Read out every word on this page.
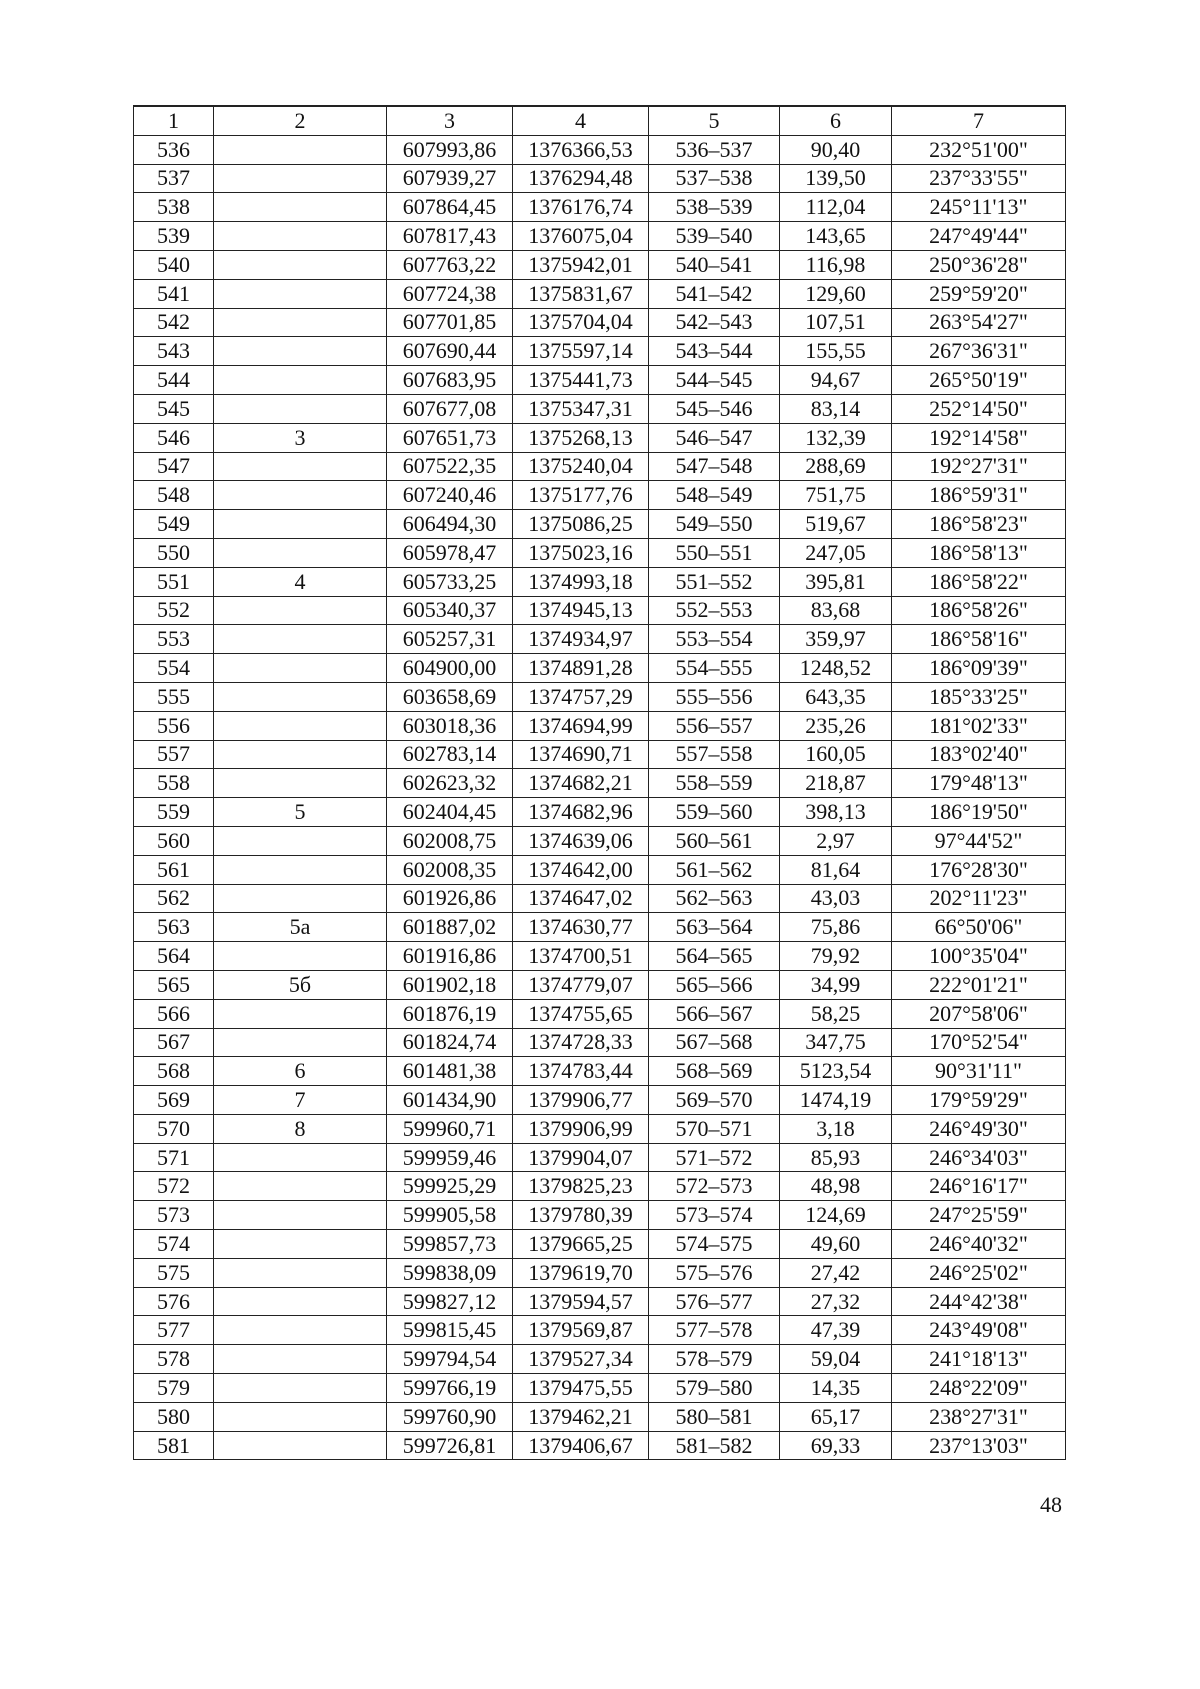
1	2	3	4	5	6	7
536		607993,86	1376366,53	536–537	90,40	232°51'00"
537		607939,27	1376294,48	537–538	139,50	237°33'55"
538		607864,45	1376176,74	538–539	112,04	245°11'13"
539		607817,43	1376075,04	539–540	143,65	247°49'44"
540		607763,22	1375942,01	540–541	116,98	250°36'28"
541		607724,38	1375831,67	541–542	129,60	259°59'20"
542		607701,85	1375704,04	542–543	107,51	263°54'27"
543		607690,44	1375597,14	543–544	155,55	267°36'31"
544		607683,95	1375441,73	544–545	94,67	265°50'19"
545		607677,08	1375347,31	545–546	83,14	252°14'50"
546	3	607651,73	1375268,13	546–547	132,39	192°14'58"
547		607522,35	1375240,04	547–548	288,69	192°27'31"
548		607240,46	1375177,76	548–549	751,75	186°59'31"
549		606494,30	1375086,25	549–550	519,67	186°58'23"
550		605978,47	1375023,16	550–551	247,05	186°58'13"
551	4	605733,25	1374993,18	551–552	395,81	186°58'22"
552		605340,37	1374945,13	552–553	83,68	186°58'26"
553		605257,31	1374934,97	553–554	359,97	186°58'16"
554		604900,00	1374891,28	554–555	1248,52	186°09'39"
555		603658,69	1374757,29	555–556	643,35	185°33'25"
556		603018,36	1374694,99	556–557	235,26	181°02'33"
557		602783,14	1374690,71	557–558	160,05	183°02'40"
558		602623,32	1374682,21	558–559	218,87	179°48'13"
559	5	602404,45	1374682,96	559–560	398,13	186°19'50"
560		602008,75	1374639,06	560–561	2,97	97°44'52"
561		602008,35	1374642,00	561–562	81,64	176°28'30"
562		601926,86	1374647,02	562–563	43,03	202°11'23"
563	5а	601887,02	1374630,77	563–564	75,86	66°50'06"
564		601916,86	1374700,51	564–565	79,92	100°35'04"
565	5б	601902,18	1374779,07	565–566	34,99	222°01'21"
566		601876,19	1374755,65	566–567	58,25	207°58'06"
567		601824,74	1374728,33	567–568	347,75	170°52'54"
568	6	601481,38	1374783,44	568–569	5123,54	90°31'11"
569	7	601434,90	1379906,77	569–570	1474,19	179°59'29"
570	8	599960,71	1379906,99	570–571	3,18	246°49'30"
571		599959,46	1379904,07	571–572	85,93	246°34'03"
572		599925,29	1379825,23	572–573	48,98	246°16'17"
573		599905,58	1379780,39	573–574	124,69	247°25'59"
574		599857,73	1379665,25	574–575	49,60	246°40'32"
575		599838,09	1379619,70	575–576	27,42	246°25'02"
576		599827,12	1379594,57	576–577	27,32	244°42'38"
577		599815,45	1379569,87	577–578	47,39	243°49'08"
578		599794,54	1379527,34	578–579	59,04	241°18'13"
579		599766,19	1379475,55	579–580	14,35	248°22'09"
580		599760,90	1379462,21	580–581	65,17	238°27'31"
581		599726,81	1379406,67	581–582	69,33	237°13'03"
48
